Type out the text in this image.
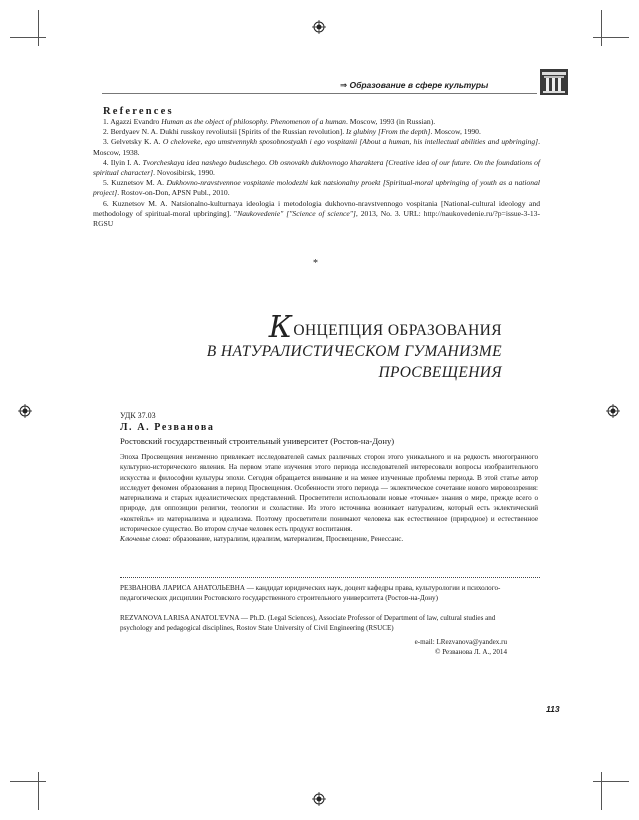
⇒ Образование в сфере культуры
References

1. Agazzi Evandro Human as the object of philosophy. Phenomenon of a human. Moscow, 1993 (in Russian).

2. Berdyaev N. A. Dukhi russkoy revoliutsii [Spirits of the Russian revolution]. Iz glubiny [From the depth]. Moscow, 1990.

3. Gelvetsky K. A. O cheloveke, ego umstvennykh sposobnostyakh i ego vospitanii [About a human, his intellectual abilities and upbringing]. Moscow, 1938.

4. Ilyin I. A. Tvorcheskaya idea nashego buduschego. Ob osnovakh dukhovnogo kharaktera [Creative idea of our future. On the foundations of spiritual character]. Novosibirsk, 1990.

5. Kuznetsov M. A. Dukhovno-nravstvennoe vospitanie molodezhi kak natsionalny proekt [Spiritual-moral upbringing of youth as a national project]. Rostov-on-Don, APSN Publ., 2010.

6. Kuznetsov M. A. Natsionalno-kulturnaya ideologia i metodologia dukhovno-nravstvennogo vospitania [National-cultural ideology and methodology of spiritual-moral upbringing]. "Naukovedenie" ["Science of science"], 2013, No. 3. URL: http://naukovedenie.ru/?p=issue-3-13-RGSU

*
КОНЦЕПЦИЯ ОБРАЗОВАНИЯ
В НАТУРАЛИСТИЧЕСКОМ ГУМАНИЗМЕ
ПРОСВЕЩЕНИЯ
УДК 37.03
Л. А. Резванова
Ростовский государственный строительный университет (Ростов-на-Дону)

Эпоха Просвещения неизменно привлекает исследователей самых различных сторон этого уникального и на редкость многогранного культурно-исторического явления. На первом этапе изучения этого периода исследователей интересовали вопросы изобразительного искусства и философии культуры эпохи. Сегодня обращается внимание и на менее изученные проблемы периода. В этой статье автор исследует феномен образования в период Просвещения. Особенности этого периода — эклектическое сочетание нового мировоззрения: материализма и старых идеалистических представлений. Просветители использовали новые «точные» знания о мире, прежде всего о природе, для оппозиции религии, теологии и схоластике. Из этого источника возникает натурализм, который есть эклектический «коктейль» из материализма и идеализма. Поэтому просветители понимают человека как естественное (природное) и естественное историческое существо. Во втором случае человек есть продукт воспитания.

Ключевые слова: образование, натурализм, идеализм, материализм, Просвещение, Ренессанс.

РЕЗВАНОВА ЛАРИСА АНАТОЛЬЕВНА — кандидат юридических наук, доцент кафедры права, культурологии и психолого-педагогических дисциплин Ростовского государственного строительного университета (Ростов-на-Дону)
REZVANOVA LARISA ANATOL'EVNA — Ph.D. (Legal Sciences), Associate Professor of Department of law, cultural studies and psychology and pedagogical disciplines, Rostov State University of Civil Engineering (RSUCE)
e-mail: LRezvanova@yandex.ru
© Резванова Л. А., 2014
113
